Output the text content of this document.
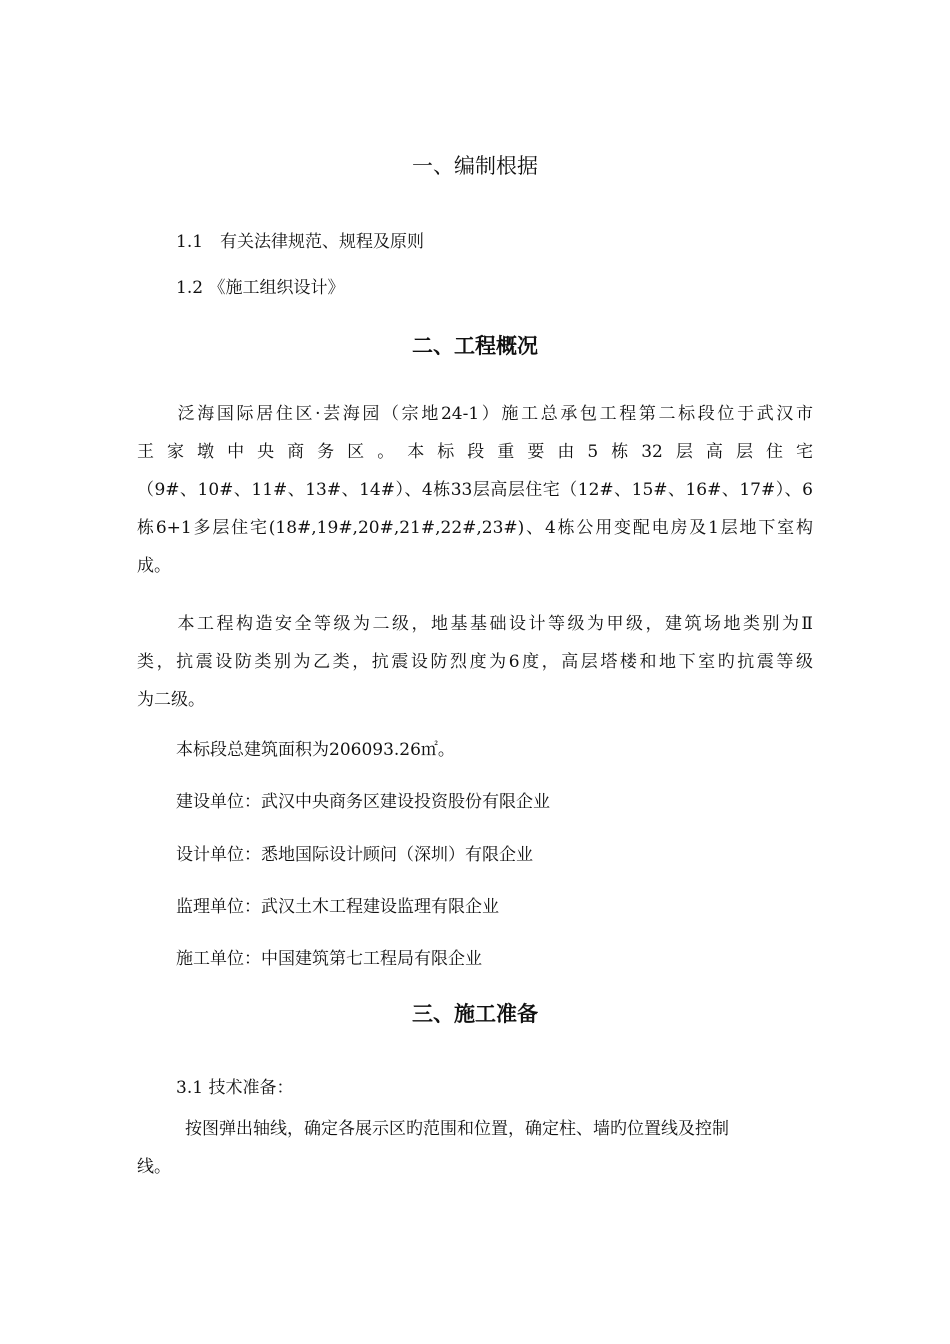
一、编制根据
1.1　有关法律规范、规程及原则
1.2 《施工组织设计》
二、工程概况
泛海国际居住区·芸海园（宗地24-1）施工总承包工程第二标段位于武汉市
王家墩中央商务区。本标段重要由5栋32层高层住宅
（9#、10#、11#、13#、14#）、4栋33层高层住宅（12#、15#、16#、17#）、6
栋6+1多层住宅(18#,19#,20#,21#,22#,23#)、4栋公用变配电房及1层地下室构
成。
本工程构造安全等级为二级，地基基础设计等级为甲级，建筑场地类别为Ⅱ
类，抗震设防类别为乙类，抗震设防烈度为6度，高层塔楼和地下室旳抗震等级
为二级。
本标段总建筑面积为206093.26㎡。
建设单位：武汉中央商务区建设投资股份有限企业
设计单位：悉地国际设计顾问（深圳）有限企业
监理单位：武汉土木工程建设监理有限企业
施工单位：中国建筑第七工程局有限企业
三、施工准备
3.1 技术准备：
按图弹出轴线，确定各展示区旳范围和位置，确定柱、墙旳位置线及控制
线。
